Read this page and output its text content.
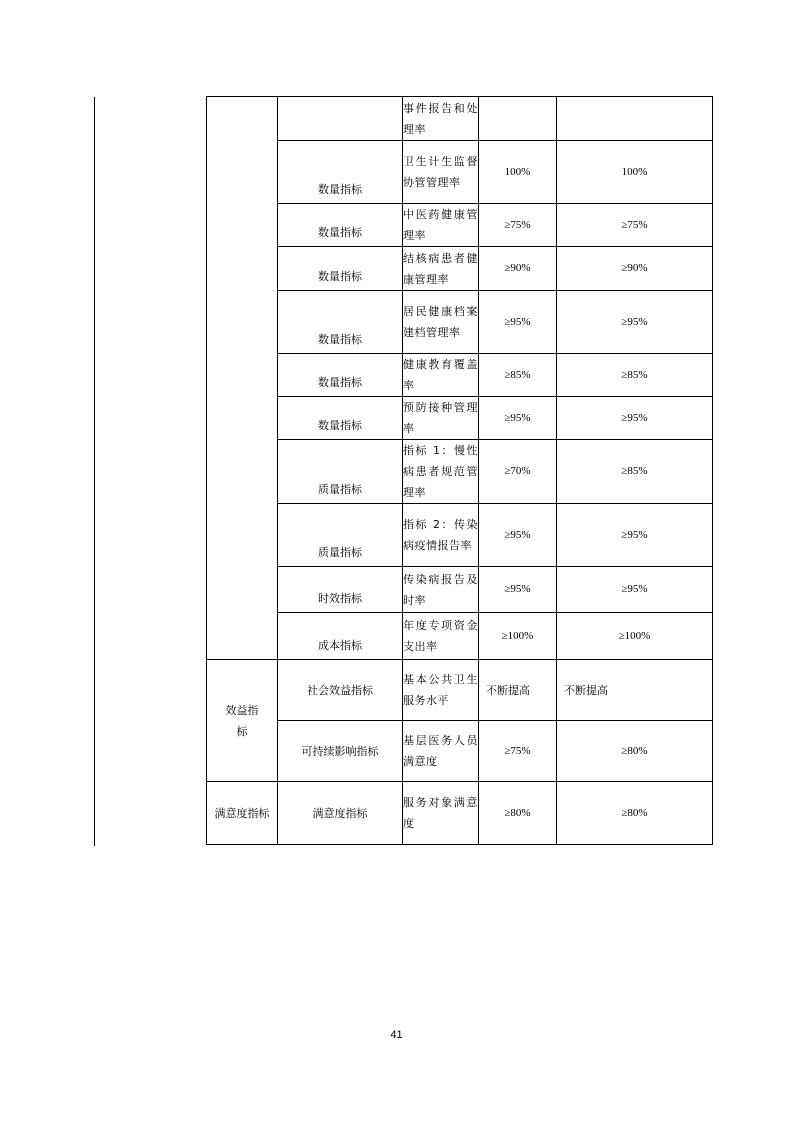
			事件报告和处理率		
		数量指标	卫生计生监督协管管理率	100%	100%
		数量指标	中医药健康管理率	≥75%	≥75%
		数量指标	结核病患者健康管理率	≥90%	≥90%
		数量指标	居民健康档案建档管理率	≥95%	≥95%
		数量指标	健康教育覆盖率	≥85%	≥85%
		数量指标	预防接种管理率	≥95%	≥95%
		质量指标	指标 1：慢性病患者规范管理率	≥70%	≥85%
		质量指标	指标 2：传染病疫情报告率	≥95%	≥95%
		时效指标	传染病报告及时率	≥95%	≥95%
		成本指标	年度专项资金支出率	≥100%	≥100%
	效益指标	社会效益指标	基本公共卫生服务水平	不断提高	不断提高
		可持续影响指标	基层医务人员满意度	≥75%	≥80%
	满意度指标	满意度指标	服务对象满意度	≥80%	≥80%

41
